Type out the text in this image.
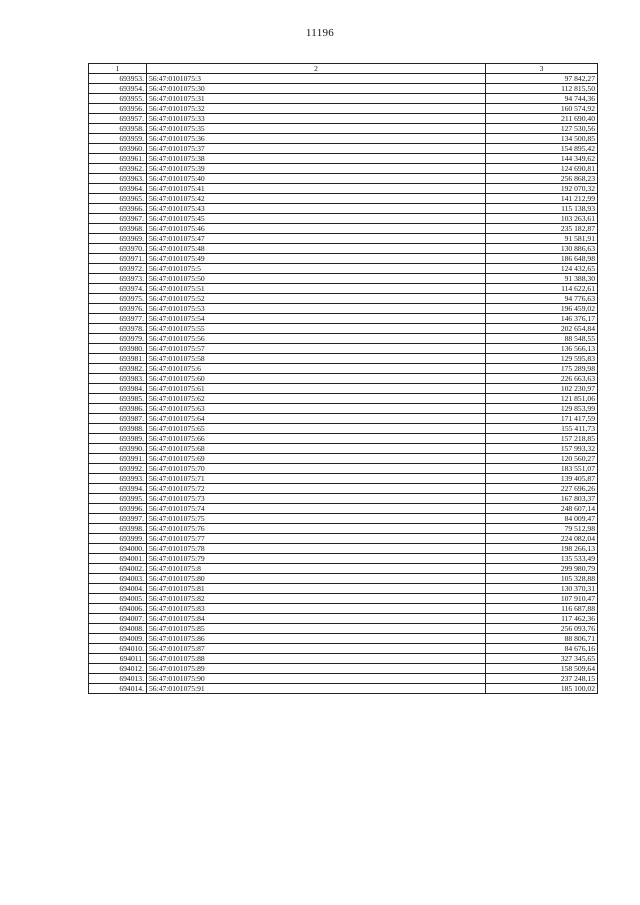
11196
1	2	3
693953.	56:47:0101075:3	97 842,27
693954.	56:47:0101075:30	112 815,50
693955.	56:47:0101075:31	94 744,36
693956.	56:47:0101075:32	160 574,92
693957.	56:47:0101075:33	211 690,40
693958.	56:47:0101075:35	127 530,56
693959.	56:47:0101075:36	134 500,85
693960.	56:47:0101075:37	154 895,42
693961.	56:47:0101075:38	144 349,62
693962.	56:47:0101075:39	124 690,81
693963.	56:47:0101075:40	256 868,23
693964.	56:47:0101075:41	192 070,32
693965.	56:47:0101075:42	141 212,99
693966.	56:47:0101075:43	115 138,93
693967.	56:47:0101075:45	103 263,61
693968.	56:47:0101075:46	235 182,87
693969.	56:47:0101075:47	91 581,91
693970.	56:47:0101075:48	130 886,63
693971.	56:47:0101075:49	186 648,98
693972.	56:47:0101075:5	124 432,65
693973.	56:47:0101075:50	91 388,30
693974.	56:47:0101075:51	114 622,61
693975.	56:47:0101075:52	94 776,63
693976.	56:47:0101075:53	196 459,02
693977.	56:47:0101075:54	146 376,17
693978.	56:47:0101075:55	202 654,84
693979.	56:47:0101075:56	88 548,55
693980.	56:47:0101075:57	136 566,13
693981.	56:47:0101075:58	129 595,83
693982.	56:47:0101075:6	175 289,98
693983.	56:47:0101075:60	226 663,63
693984.	56:47:0101075:61	102 230,97
693985.	56:47:0101075:62	121 851,06
693986.	56:47:0101075:63	129 853,99
693987.	56:47:0101075:64	171 417,59
693988.	56:47:0101075:65	155 411,73
693989.	56:47:0101075:66	157 218,85
693990.	56:47:0101075:68	157 993,32
693991.	56:47:0101075:69	120 560,27
693992.	56:47:0101075:70	183 551,07
693993.	56:47:0101075:71	139 405,87
693994.	56:47:0101075:72	227 696,26
693995.	56:47:0101075:73	167 803,37
693996.	56:47:0101075:74	248 607,14
693997.	56:47:0101075:75	84 009,47
693998.	56:47:0101075:76	79 512,98
693999.	56:47:0101075:77	224 082,04
694000.	56:47:0101075:78	198 266,13
694001.	56:47:0101075:79	135 533,49
694002.	56:47:0101075:8	299 980,79
694003.	56:47:0101075:80	105 328,88
694004.	56:47:0101075:81	130 370,31
694005.	56:47:0101075:82	107 910,47
694006.	56:47:0101075:83	116 687,88
694007.	56:47:0101075:84	117 462,36
694008.	56:47:0101075:85	256 093,76
694009.	56:47:0101075:86	88 806,71
694010.	56:47:0101075:87	84 676,16
694011.	56:47:0101075:88	327 345,65
694012.	56:47:0101075:89	158 509,64
694013.	56:47:0101075:90	237 248,15
694014.	56:47:0101075:91	185 100,02
